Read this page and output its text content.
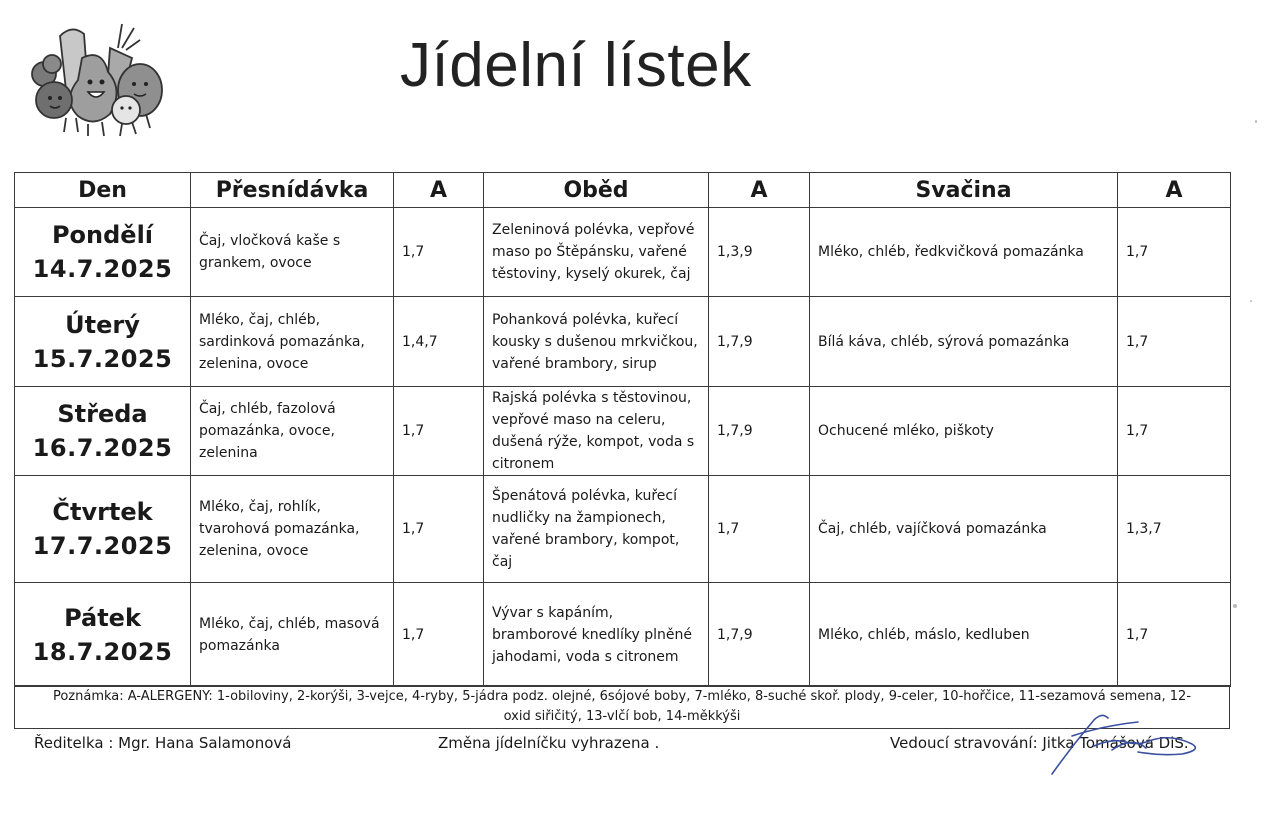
Jídelní lístek
Den	Přesnídávka	A	Oběd	A	Svačina	A

Pondělí
14.7.2025	Čaj, vločková kaše s grankem, ovoce	1,7	Zeleninová polévka, vepřové maso po Štěpánsku, vařené těstoviny, kyselý okurek, čaj	1,3,9	Mléko, chléb, ředkvičková pomazánka	1,7

Úterý
15.7.2025	Mléko, čaj, chléb, sardinková pomazánka, zelenina, ovoce	1,4,7	Pohanková polévka, kuřecí kousky s dušenou mrkvičkou, vařené brambory, sirup	1,7,9	Bílá káva, chléb, sýrová pomazánka	1,7

Středa
16.7.2025	Čaj, chléb, fazolová pomazánka, ovoce, zelenina	1,7	Rajská polévka s těstovinou, vepřové maso na celeru, dušená rýže, kompot, voda s citronem	1,7,9	Ochucené mléko, piškoty	1,7

Čtvrtek
17.7.2025	Mléko, čaj, rohlík, tvarohová pomazánka, zelenina, ovoce	1,7	Špenátová polévka, kuřecí nudličky na žampionech, vařené brambory, kompot, čaj	1,7	Čaj, chléb, vajíčková pomazánka	1,3,7

Pátek
18.7.2025	Mléko, čaj, chléb, masová pomazánka	1,7	Vývar s kapáním, bramborové knedlíky plněné jahodami, voda s citronem	1,7,9	Mléko, chléb, máslo, kedluben	1,7
Poznámka: A-ALERGENY: 1-obiloviny, 2-korýši, 3-vejce, 4-ryby, 5-jádra podz. olejné, 6sójové boby, 7-mléko, 8-suché skoř. plody, 9-celer, 10-hořčice, 11-sezamová semena, 12-oxid siřičitý, 13-vlčí bob, 14-měkkýši
Ředitelka : Mgr. Hana Salamonová	Změna jídelníčku vyhrazena .	Vedoucí stravování: Jitka Tomášová DiS.
